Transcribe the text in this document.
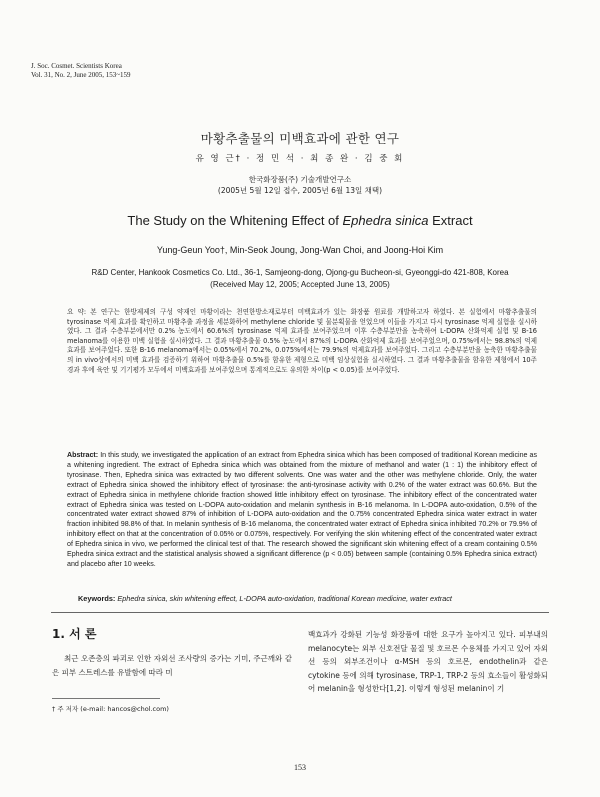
J. Soc. Cosmet. Scientists Korea
Vol. 31, No. 2, June 2005, 153~159
마황추출물의 미백효과에 관한 연구
유 영 근† · 정 민 석 · 최 종 완 · 김 중 회
한국화장품(주) 기술개발연구소
(2005년 5월 12일 접수, 2005년 6월 13일 채택)
The Study on the Whitening Effect of Ephedra sinica Extract
Yung-Geun Yoo†, Min-Seok Joung, Jong-Wan Choi, and Joong-Hoi Kim
R&D Center, Hankook Cosmetics Co. Ltd., 36-1, Samjeong-dong, Ojong-gu Bucheon-si, Gyeonggi-do 421-808, Korea
(Received May 12, 2005; Accepted June 13, 2005)
요 약: 본 연구는 한방제제의 구성 약재인 마황이라는 천연한방소재로부터 미백효과가 있는 화장품 원료를 개발하고자 하였다. 본 실험에서 마황추출물의 tyrosinase 억제 효과를 확인하고 마황추출 과정을 세분화하여 methylene chloride 및 물분획물을 얻었으며 이들을 가지고 다시 tyrosinase 억제 실험을 실시하였다. 그 결과 수층부분에서만 0.2% 농도에서 60.6%의 tyrosinase 억제 효과를 보여주었으며 이후 수층부분만을 농축하여 L-DOPA 산화억제 실험 및 B-16 melanoma를 이용한 미백 실험을 실시하였다. 그 결과 마황추출물 0.5% 농도에서 87%의 L-DOPA 산화억제 효과를 보여주었으며, 0.75%에서는 98.8%의 억제효과를 보여주었다. 또한 B-16 melanoma에서는 0.05%에서 70.2%, 0.075%에서는 79.9%의 억제효과를 보여주었다. 그리고 수층부분만을 농축한 마황추출물의 in vivo상에서의 미백 효과를 검증하기 위하여 마황추출물 0.5%를 함유한 제형으로 미백 임상실험을 실시하였다. 그 결과 마황추출물을 함유한 제형에서 10주 경과 후에 육안 및 기기평가 모두에서 미백효과를 보여주었으며 통계적으로도 유의한 차이(p < 0.05)를 보여주었다.
Abstract: In this study, we investigated the application of an extract from Ephedra sinica which has been composed of traditional Korean medicine as a whitening ingredient. The extract of Ephedra sinica which was obtained from the mixture of methanol and water (1 : 1) the inhibitory effect of tyrosinase. Then, Ephedra sinica was extracted by two different solvents. One was water and the other was methylene chloride. Only, the water extract of Ephedra sinica showed the inhibitory effect of tyrosinase: the anti-tyrosinase activity with 0.2% of the water extract was 60.6%. But the extract of Ephedra sinica in methylene chloride fraction showed little inhibitory effect on tyrosinase. The inhibitory effect of the concentrated water extract of Ephedra sinica was tested on L-DOPA auto-oxidation and melanin synthesis in B-16 melanoma. In L-DOPA auto-oxidation, 0.5% of the concentrated water extract showed 87% of inhibition of L-DOPA auto-oxidation and the 0.75% concentrated Ephedra sinica water extract in water fraction inhibited 98.8% of that. In melanin synthesis of B-16 melanoma, the concentrated water extract of Ephedra sinica inhibited 70.2% or 79.9% of inhibitory effect on that at the concentration of 0.05% or 0.075%, respectively. For verifying the skin whitening effect of the concentrated water extract of Ephedra sinica in vivo, we performed the clinical test of that. The research showed the significant skin whitening effect of a cream containing 0.5% Ephedra sinica extract and the statistical analysis showed a significant difference (p < 0.05) between sample (containing 0.5% Ephedra sinica extract) and placebo after 10 weeks.
Keywords: Ephedra sinica, skin whitening effect, L-DOPA auto-oxidation, traditional Korean medicine, water extract
1. 서 론
최근 오존층의 파괴로 인한 자외선 조사량의 증가는 기미, 주근깨와 같은 피부 스트레스를 유발함에 따라 미
백효과가 강화된 기능성 화장품에 대한 요구가 높아지고 있다. 피부내의 melanocyte는 외부 신호전달 물질 및 호르몬 수용체를 가지고 있어 자외선 등의 외부조건이나 α-MSH 등의 호르몬, endothelin과 같은 cytokine 등에 의해 tyrosinase, TRP-1, TRP-2 등의 효소들이 활성화되어 melanin을 형성한다[1,2]. 이렇게 형성된 melanin이 기
† 주 저자 (e-mail: hancos@chol.com)
153
